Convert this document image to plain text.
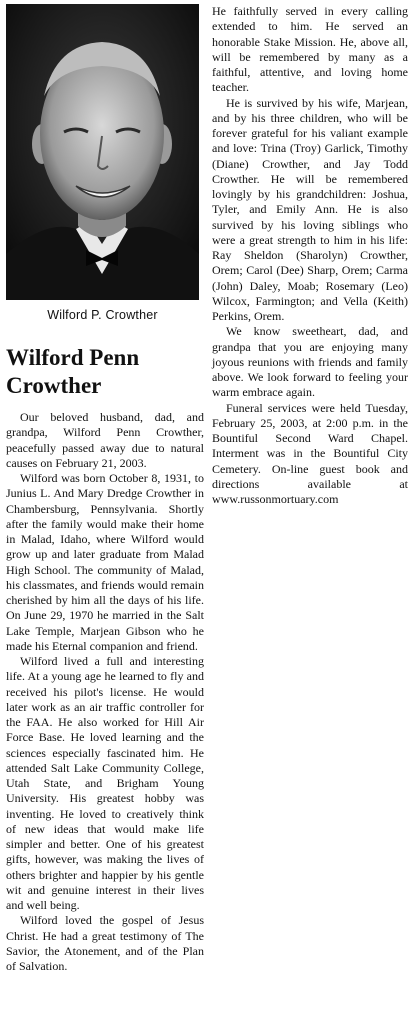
Wilford P. Crowther
Wilford Penn Crowther

Our beloved husband, dad, and grandpa, Wilford Penn Crowther, peacefully passed away due to natural causes on February 21, 2003.

Wilford was born October 8, 1931, to Junius L. And Mary Dredge Crowther in Chambersburg, Pennsylvania. Shortly after the family would make their home in Malad, Idaho, where Wilford would grow up and later graduate from Malad High School. The community of Malad, his classmates, and friends would remain cherished by him all the days of his life. On June 29, 1970 he married in the Salt Lake Temple, Marjean Gibson who he made his Eternal companion and friend.

Wilford lived a full and interesting life. At a young age he learned to fly and received his pilot's license. He would later work as an air traffic controller for the FAA. He also worked for Hill Air Force Base. He loved learning and the sciences especially fascinated him. He attended Salt Lake Community College, Utah State, and Brigham Young University. His greatest hobby was inventing. He loved to creatively think of new ideas that would make life simpler and better. One of his greatest gifts, however, was making the lives of others brighter and happier by his gentle wit and genuine interest in their lives and well being.

Wilford loved the gospel of Jesus Christ. He had a great testimony of The Savior, the Atonement, and of the Plan of Salvation.

He faithfully served in every calling extended to him. He served an honorable Stake Mission. He, above all, will be remembered by many as a faithful, attentive, and loving home teacher.

He is survived by his wife, Marjean, and by his three children, who will be forever grateful for his valiant example and love: Trina (Troy) Garlick, Timothy (Diane) Crowther, and Jay Todd Crowther. He will be remembered lovingly by his grandchildren: Joshua, Tyler, and Emily Ann. He is also survived by his loving siblings who were a great strength to him in his life: Ray Sheldon (Sharolyn) Crowther, Orem; Carol (Dee) Sharp, Orem; Carma (John) Daley, Moab; Rosemary (Leo) Wilcox, Farmington; and Vella (Keith) Perkins, Orem.

We know sweetheart, dad, and grandpa that you are enjoying many joyous reunions with friends and family above. We look forward to feeling your warm embrace again.

Funeral services were held Tuesday, February 25, 2003, at 2:00 p.m. in the Bountiful Second Ward Chapel. Interment was in the Bountiful City Cemetery. On-line guest book and directions available at www.russonmortuary.com
